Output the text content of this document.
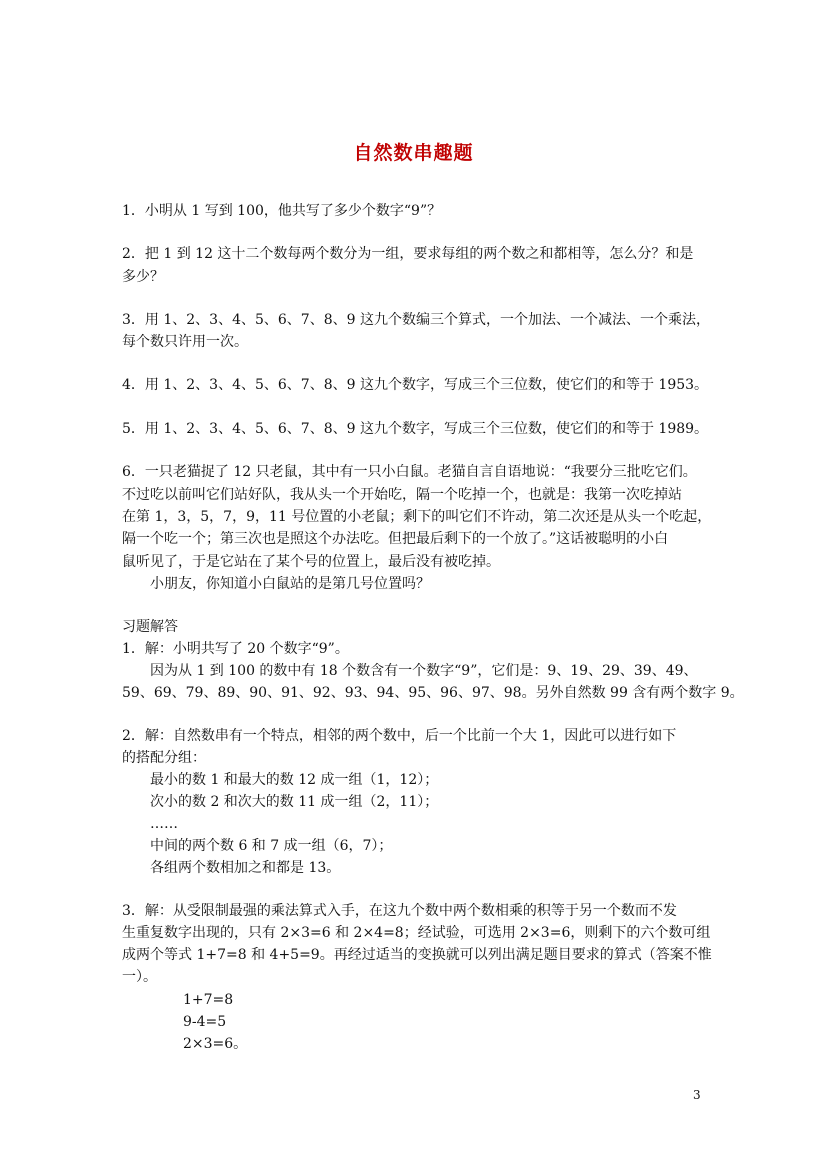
自然数串趣题
1．小明从 1 写到 100，他共写了多少个数字“9”？
2．把 1 到 12 这十二个数每两个数分为一组，要求每组的两个数之和都相等，怎么分？和是
多少？
3．用 1、2、3、4、5、6、7、8、9 这九个数编三个算式，一个加法、一个减法、一个乘法，
每个数只许用一次。
4．用 1、2、3、4、5、6、7、8、9 这九个数字，写成三个三位数，使它们的和等于 1953。
5．用 1、2、3、4、5、6、7、8、9 这九个数字，写成三个三位数，使它们的和等于 1989。
6．一只老猫捉了 12 只老鼠，其中有一只小白鼠。老猫自言自语地说：“我要分三批吃它们。
不过吃以前叫它们站好队，我从头一个开始吃，隔一个吃掉一个，也就是：我第一次吃掉站
在第 1，3，5，7，9，11 号位置的小老鼠；剩下的叫它们不许动，第二次还是从头一个吃起，
隔一个吃一个；第三次也是照这个办法吃。但把最后剩下的一个放了。”这话被聪明的小白
鼠听见了，于是它站在了某个号的位置上，最后没有被吃掉。
小朋友，你知道小白鼠站的是第几号位置吗？
习题解答
1．解：小明共写了 20 个数字“9”。
因为从 1 到 100 的数中有 18 个数含有一个数字“9”，它们是：9、19、29、39、49、
59、69、79、89、90、91、92、93、94、95、96、97、98。另外自然数 99 含有两个数字 9。
2．解：自然数串有一个特点，相邻的两个数中，后一个比前一个大 1，因此可以进行如下
的搭配分组：
最小的数 1 和最大的数 12 成一组（1，12）；
次小的数 2 和次大的数 11 成一组（2，11）；
……
中间的两个数 6 和 7 成一组（6，7）；
各组两个数相加之和都是 13。
3．解：从受限制最强的乘法算式入手，在这九个数中两个数相乘的积等于另一个数而不发
生重复数字出现的，只有 2×3=6 和 2×4=8；经试验，可选用 2×3=6，则剩下的六个数可组
成两个等式 1+7=8 和 4+5=9。再经过适当的变换就可以列出满足题目要求的算式（答案不惟
一）。
1+7=8
9-4=5
2×3=6。
3
